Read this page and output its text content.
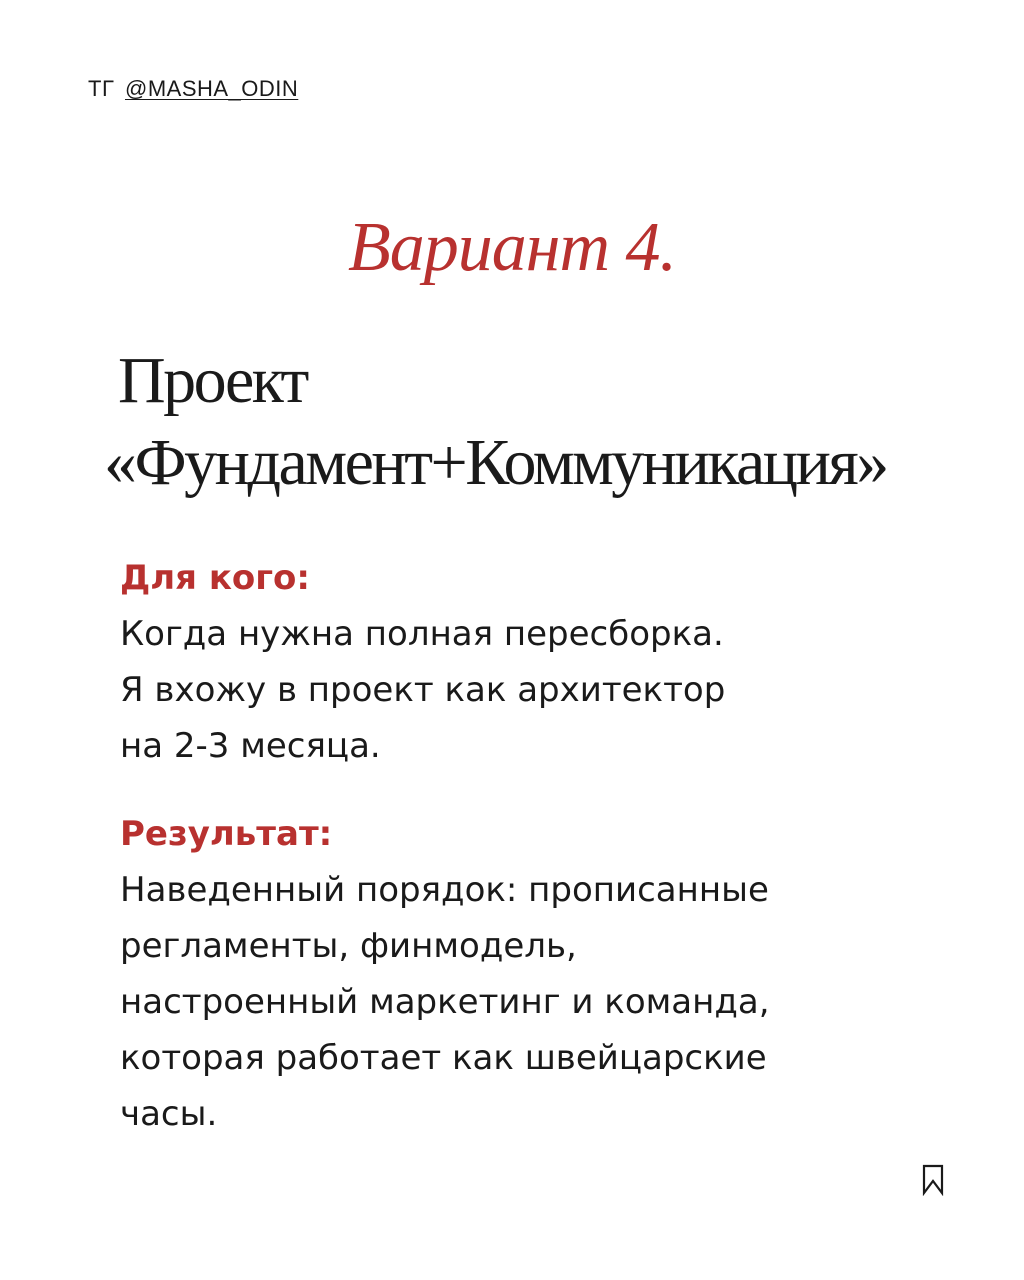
ТГ @MASHA_ODIN
Вариант 4.
Проект
«Фундамент+Коммуникация»
Для кого:
Когда нужна полная пересборка.
Я вхожу в проект как архитектор
на 2-3 месяца.
Результат:
Наведенный порядок: прописанные
регламенты, финмодель,
настроенный маркетинг и команда,
которая работает как швейцарские
часы.
